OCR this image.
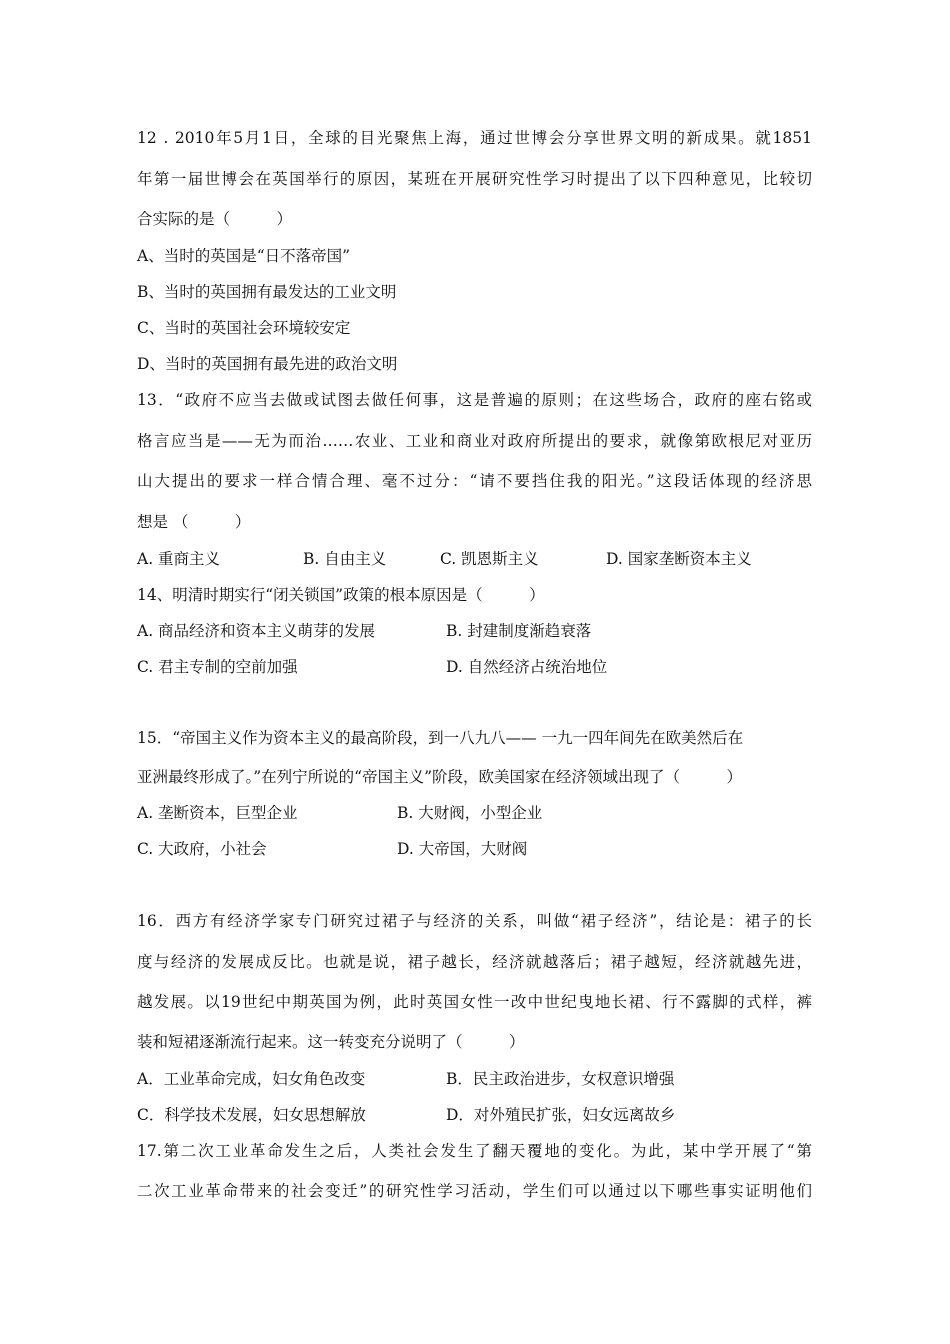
12 . 2010年5月1日，全球的目光聚焦上海，通过世博会分享世界文明的新成果。就1851
年第一届世博会在英国举行的原因，某班在开展研究性学习时提出了以下四种意见，比较切
合实际的是（　　　）
A、当时的英国是“日不落帝国”
B、当时的英国拥有最发达的工业文明
C、当时的英国社会环境较安定
D、当时的英国拥有最先进的政治文明
13．“政府不应当去做或试图去做任何事，这是普遍的原则；在这些场合，政府的座右铭或
格言应当是——无为而治……农业、工业和商业对政府所提出的要求，就像第欧根尼对亚历
山大提出的要求一样合情合理、毫不过分：“请不要挡住我的阳光。”这段话体现的经济思
想是 （　　　）
A. 重商主义	B. 自由主义	C. 凯恩斯主义	D. 国家垄断资本主义
14、明清时期实行“闭关锁国”政策的根本原因是（　　　）
A. 商品经济和资本主义萌芽的发展	B. 封建制度渐趋衰落
C. 君主专制的空前加强	D. 自然经济占统治地位
15．“帝国主义作为资本主义的最高阶段，到一八九八—— 一九一四年间先在欧美然后在
亚洲最终形成了。”在列宁所说的“帝国主义”阶段，欧美国家在经济领域出现了（　　　）
A. 垄断资本，巨型企业	B. 大财阀，小型企业
C. 大政府，小社会	D. 大帝国，大财阀
16．西方有经济学家专门研究过裙子与经济的关系，叫做“裙子经济”，结论是：裙子的长
度与经济的发展成反比。也就是说，裙子越长，经济就越落后；裙子越短，经济就越先进，
越发展。以19世纪中期英国为例，此时英国女性一改中世纪曳地长裙、行不露脚的式样，裤
装和短裙逐渐流行起来。这一转变充分说明了（　　　）
A．工业革命完成，妇女角色改变	B．民主政治进步，女权意识增强
C．科学技术发展，妇女思想解放	D．对外殖民扩张，妇女远离故乡
17.第二次工业革命发生之后，人类社会发生了翻天覆地的变化。为此，某中学开展了“第
二次工业革命带来的社会变迁”的研究性学习活动，学生们可以通过以下哪些事实证明他们
